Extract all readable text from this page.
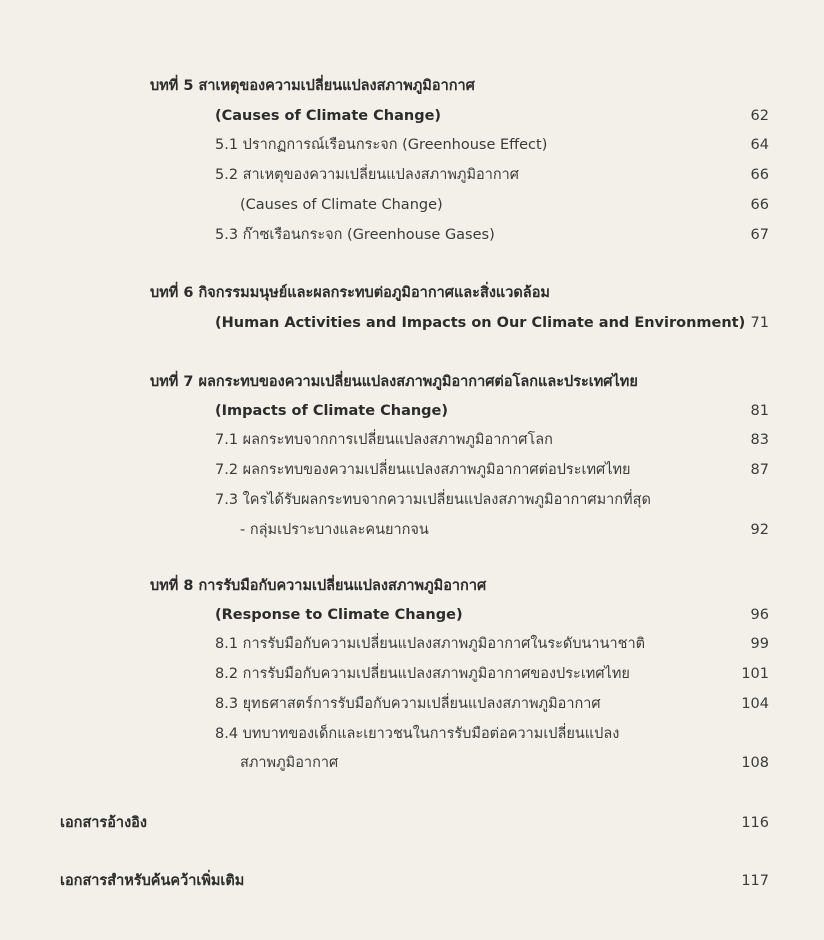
บทที่ 5 สาเหตุของความเปลี่ยนแปลงสภาพภูมิอากาศ
(Causes of Climate Change)	62
5.1 ปรากฏการณ์เรือนกระจก (Greenhouse Effect)	64
5.2 สาเหตุของความเปลี่ยนแปลงสภาพภูมิอากาศ	66
(Causes of Climate Change)	66
5.3 ก๊าซเรือนกระจก (Greenhouse Gases)	67
บทที่ 6 กิจกรรมมนุษย์และผลกระทบต่อภูมิอากาศและสิ่งแวดล้อม
(Human Activities and Impacts on Our Climate and Environment) 71
บทที่ 7 ผลกระทบของความเปลี่ยนแปลงสภาพภูมิอากาศต่อโลกและประเทศไทย
(Impacts of Climate Change)	81
7.1 ผลกระทบจากการเปลี่ยนแปลงสภาพภูมิอากาศโลก	83
7.2 ผลกระทบของความเปลี่ยนแปลงสภาพภูมิอากาศต่อประเทศไทย	87
7.3 ใครได้รับผลกระทบจากความเปลี่ยนแปลงสภาพภูมิอากาศมากที่สุด
- กลุ่มเปราะบางและคนยากจน	92
บทที่ 8 การรับมือกับความเปลี่ยนแปลงสภาพภูมิอากาศ
(Response to Climate Change)	96
8.1 การรับมือกับความเปลี่ยนแปลงสภาพภูมิอากาศในระดับนานาชาติ	99
8.2 การรับมือกับความเปลี่ยนแปลงสภาพภูมิอากาศของประเทศไทย	101
8.3 ยุทธศาสตร์การรับมือกับความเปลี่ยนแปลงสภาพภูมิอากาศ	104
8.4 บทบาทของเด็กและเยาวชนในการรับมือต่อความเปลี่ยนแปลง
สภาพภูมิอากาศ	108
เอกสารอ้างอิง	116
เอกสารสำหรับค้นคว้าเพิ่มเติม	117
